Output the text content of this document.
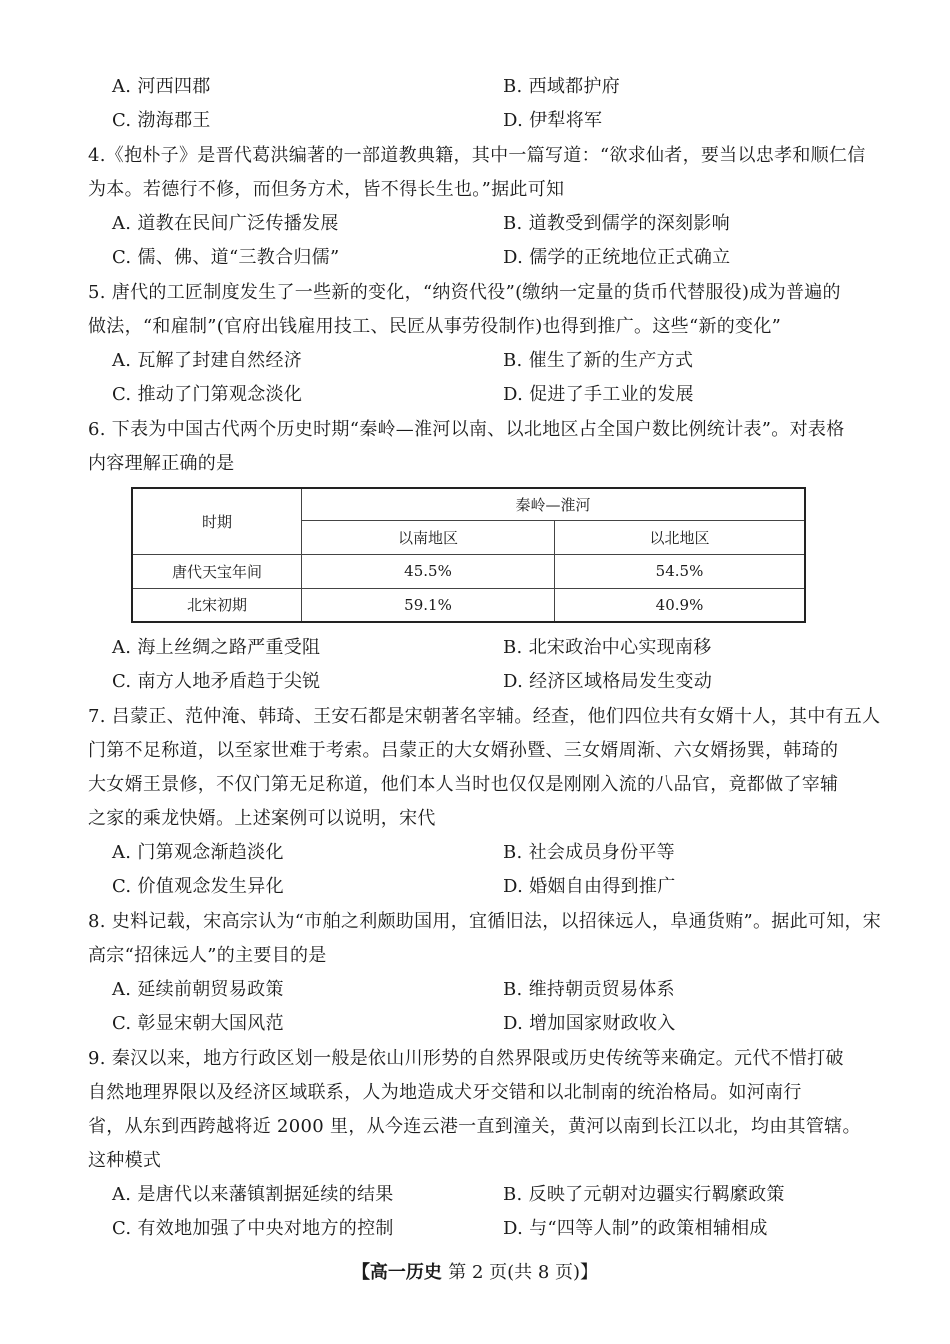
A. 河西四郡	B. 西域都护府
C. 渤海郡王	D. 伊犁将军
4.《抱朴子》是晋代葛洪编著的一部道教典籍，其中一篇写道：“欲求仙者，要当以忠孝和顺仁信
为本。若德行不修，而但务方术，皆不得长生也。”据此可知
A. 道教在民间广泛传播发展	B. 道教受到儒学的深刻影响
C. 儒、佛、道“三教合归儒”	D. 儒学的正统地位正式确立
5. 唐代的工匠制度发生了一些新的变化，“纳资代役”(缴纳一定量的货币代替服役)成为普遍的
做法，“和雇制”(官府出钱雇用技工、民匠从事劳役制作)也得到推广。这些“新的变化”
A. 瓦解了封建自然经济	B. 催生了新的生产方式
C. 推动了门第观念淡化	D. 促进了手工业的发展
6. 下表为中国古代两个历史时期“秦岭—淮河以南、以北地区占全国户数比例统计表”。对表格
内容理解正确的是
时期	秦岭—淮河	
	以南地区	以北地区
唐代天宝年间	45.5%	54.5%
北宋初期	59.1%	40.9%
A. 海上丝绸之路严重受阻	B. 北宋政治中心实现南移
C. 南方人地矛盾趋于尖锐	D. 经济区域格局发生变动
7. 吕蒙正、范仲淹、韩琦、王安石都是宋朝著名宰辅。经查，他们四位共有女婿十人，其中有五人
门第不足称道，以至家世难于考索。吕蒙正的大女婿孙暨、三女婿周渐、六女婿扬巽，韩琦的
大女婿王景修，不仅门第无足称道，他们本人当时也仅仅是刚刚入流的八品官，竟都做了宰辅
之家的乘龙快婿。上述案例可以说明，宋代
A. 门第观念渐趋淡化	B. 社会成员身份平等
C. 价值观念发生异化	D. 婚姻自由得到推广
8. 史料记载，宋高宗认为“市舶之利颇助国用，宜循旧法，以招徕远人，阜通货贿”。据此可知，宋
高宗“招徕远人”的主要目的是
A. 延续前朝贸易政策	B. 维持朝贡贸易体系
C. 彰显宋朝大国风范	D. 增加国家财政收入
9. 秦汉以来，地方行政区划一般是依山川形势的自然界限或历史传统等来确定。元代不惜打破
自然地理界限以及经济区域联系，人为地造成犬牙交错和以北制南的统治格局。如河南行
省，从东到西跨越将近 2000 里，从今连云港一直到潼关，黄河以南到长江以北，均由其管辖。
这种模式
A. 是唐代以来藩镇割据延续的结果	B. 反映了元朝对边疆实行羁縻政策
C. 有效地加强了中央对地方的控制	D. 与“四等人制”的政策相辅相成
【高一历史 第 2 页(共 8 页)】
